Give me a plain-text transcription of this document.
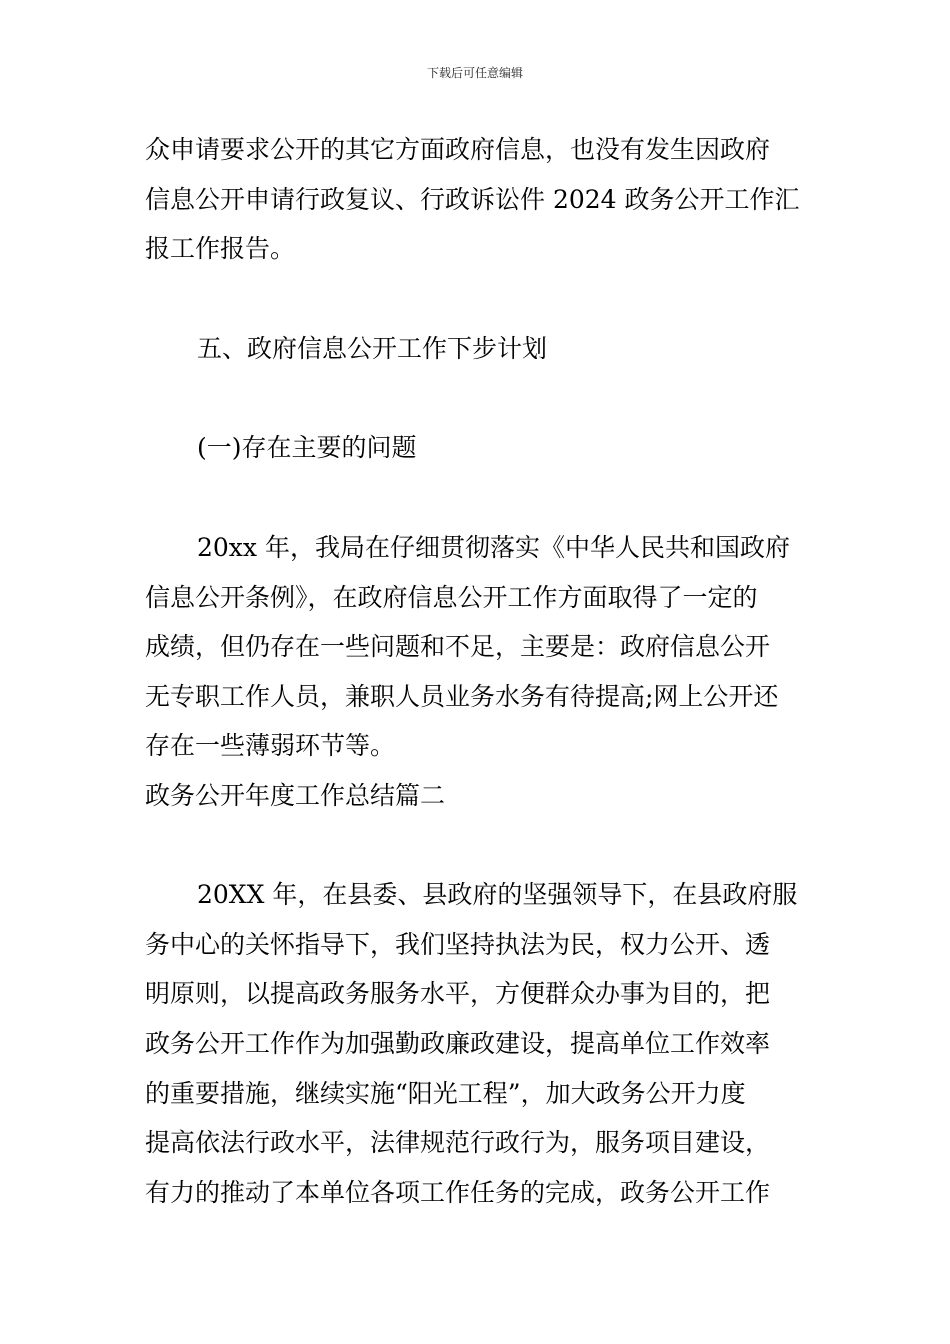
下载后可任意编辑
众申请要求公开的其它方面政府信息，也没有发生因政府
信息公开申请行政复议、行政诉讼件 2024 政务公开工作汇
报工作报告。
五、政府信息公开工作下步计划
(一)存在主要的问题
20xx 年，我局在仔细贯彻落实《中华人民共和国政府
信息公开条例》，在政府信息公开工作方面取得了一定的
成绩，但仍存在一些问题和不足，主要是：政府信息公开
无专职工作人员，兼职人员业务水务有待提高;网上公开还
存在一些薄弱环节等。
政务公开年度工作总结篇二
20XX 年，在县委、县政府的坚强领导下，在县政府服
务中心的关怀指导下，我们坚持执法为民，权力公开、透
明原则，以提高政务服务水平，方便群众办事为目的，把
政务公开工作作为加强勤政廉政建设，提高单位工作效率
的重要措施，继续实施“阳光工程”，加大政务公开力度
提高依法行政水平，法律规范行政行为，服务项目建设，
有力的推动了本单位各项工作任务的完成，政务公开工作
